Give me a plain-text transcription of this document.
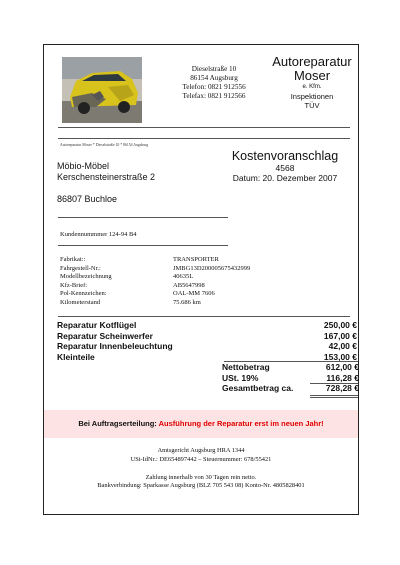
Dieselstraße 10
86154 Augsburg
Telefon: 0821 912556
Telefax: 0821 912566
Autoreparatur
Moser
e. Kfm.
Inspektionen
TÜV
Autoreparatur Moser * Dieselstraße 10 * 86154 Augsburg
Möbio-Möbel
Kerschensteinerstraße 2
86807 Buchloe
Kostenvoranschlag
4568
Datum: 20. Dezember 2007
Kundennummmer 124-94 B4
Fabrikat::	TRANSPORTER
Fahrgestell-Nr.:	JMBG13D200005675432999
Modellbezeichnung	40635L
Kfz-Brief:	AB5647998
Pol-Kennzeichen:	OAL-MM 7606
Kilometerstand	75.686 km
Reparatur Kotflügel	250,00 €
Reparatur Scheinwerfer	167,00 €
Reparatur Innenbeleuchtung	42,00 €
Kleinteile	153,00 €
Nettobetrag	612,00 €
USt. 19%	116,28 €
Gesamtbetrag ca.	728,28 €
Bei Auftragserteilung: Ausführung der Reparatur erst im neuen Jahr!
Amtsgericht Augsburg HRA 1344
USt-IdNr.: DE654897442 – Steuernummer: 678/55421
Zahlung innerhalb von 30 Tagen rein netto.
Bankverbindung: Sparkasse Augsburg (BLZ 705 543 08) Konto-Nr. 4805828401
